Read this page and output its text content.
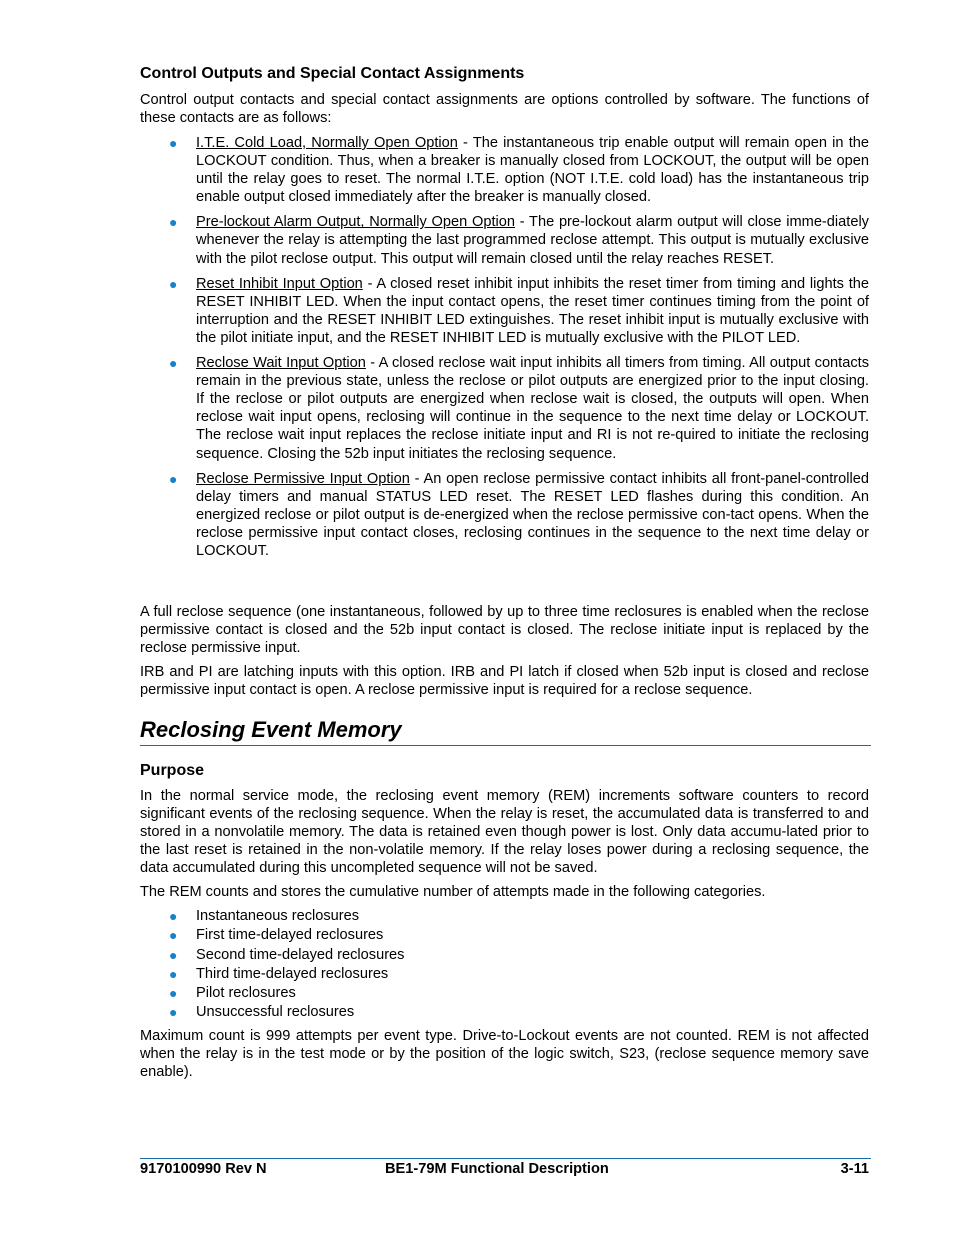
Control Outputs and Special Contact Assignments

Control output contacts and special contact assignments are options controlled by software. The functions of these contacts are as follows:

● I.T.E. Cold Load, Normally Open Option - The instantaneous trip enable output will remain open in the LOCKOUT condition. Thus, when a breaker is manually closed from LOCKOUT, the output will be open until the relay goes to reset. The normal I.T.E. option (NOT I.T.E. cold load) has the instantaneous trip enable output closed immediately after the breaker is manually closed.
● Pre-lockout Alarm Output, Normally Open Option - The pre-lockout alarm output will close imme-diately whenever the relay is attempting the last programmed reclose attempt. This output is mutually exclusive with the pilot reclose output. This output will remain closed until the relay reaches RESET.
● Reset Inhibit Input Option - A closed reset inhibit input inhibits the reset timer from timing and lights the RESET INHIBIT LED. When the input contact opens, the reset timer continues timing from the point of interruption and the RESET INHIBIT LED extinguishes. The reset inhibit input is mutually exclusive with the pilot initiate input, and the RESET INHIBIT LED is mutually exclusive with the PILOT LED.
● Reclose Wait Input Option - A closed reclose wait input inhibits all timers from timing. All output contacts remain in the previous state, unless the reclose or pilot outputs are energized prior to the input closing. If the reclose or pilot outputs are energized when reclose wait is closed, the outputs will open. When reclose wait input opens, reclosing will continue in the sequence to the next time delay or LOCKOUT. The reclose wait input replaces the reclose initiate input and RI is not re-quired to initiate the reclosing sequence. Closing the 52b input initiates the reclosing sequence.
● Reclose Permissive Input Option - An open reclose permissive contact inhibits all front-panel-controlled delay timers and manual STATUS LED reset. The RESET LED flashes during this condition. An energized reclose or pilot output is de-energized when the reclose permissive con-tact opens. When the reclose permissive input contact closes, reclosing continues in the sequence to the next time delay or LOCKOUT.

A full reclose sequence (one instantaneous, followed by up to three time reclosures is enabled when the reclose permissive contact is closed and the 52b input contact is closed. The reclose initiate input is replaced by the reclose permissive input.

IRB and PI are latching inputs with this option. IRB and PI latch if closed when 52b input is closed and reclose permissive input contact is open. A reclose permissive input is required for a reclose sequence.

Reclosing Event Memory
Purpose

In the normal service mode, the reclosing event memory (REM) increments software counters to record significant events of the reclosing sequence. When the relay is reset, the accumulated data is transferred to and stored in a nonvolatile memory. The data is retained even though power is lost. Only data accumu-lated prior to the last reset is retained in the non-volatile memory. If the relay loses power during a reclosing sequence, the data accumulated during this uncompleted sequence will not be saved.

The REM counts and stores the cumulative number of attempts made in the following categories.

● Instantaneous reclosures
● First time-delayed reclosures
● Second time-delayed reclosures
● Third time-delayed reclosures
● Pilot reclosures
● Unsuccessful reclosures

Maximum count is 999 attempts per event type. Drive-to-Lockout events are not counted. REM is not affected when the relay is in the test mode or by the position of the logic switch, S23, (reclose sequence memory save enable).

9170100990 Rev N	BE1-79M Functional Description	3-11
